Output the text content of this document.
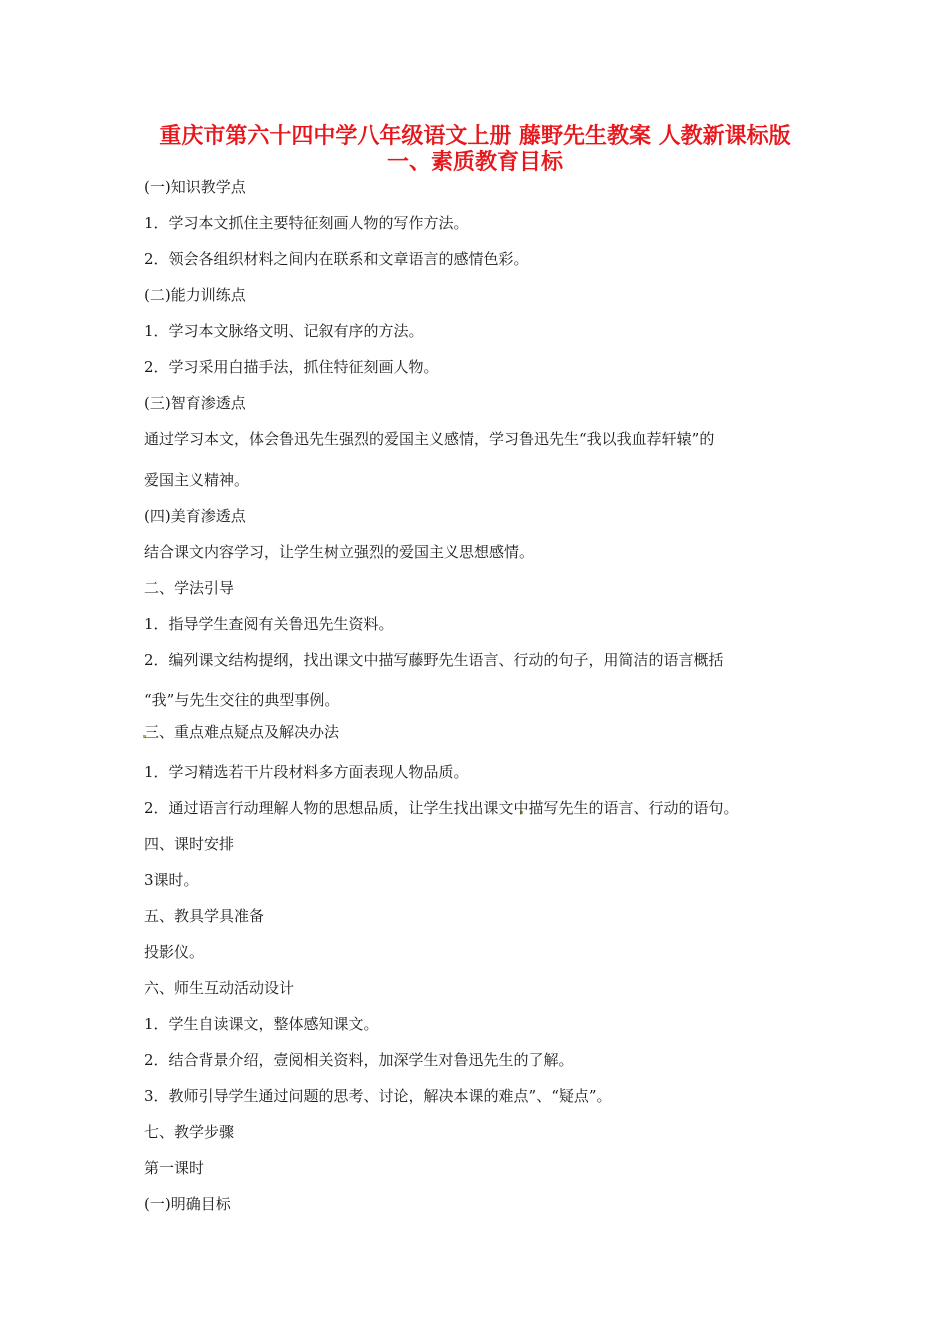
重庆市第六十四中学八年级语文上册 藤野先生教案 人教新课标版
一、素质教育目标
(一)知识教学点
1．学习本文抓住主要特征刻画人物的写作方法。
2．领会各组织材料之间内在联系和文章语言的感情色彩。
(二)能力训练点
1．学习本文脉络文明、记叙有序的方法。
2．学习采用白描手法，抓住特征刻画人物。
(三)智育渗透点
通过学习本文，体会鲁迅先生强烈的爱国主义感情，学习鲁迅先生“我以我血荐轩辕”的
爱国主义精神。
(四)美育渗透点
结合课文内容学习，让学生树立强烈的爱国主义思想感情。
二、学法引导
1．指导学生查阅有关鲁迅先生资料。
2．编列课文结构提纲，找出课文中描写藤野先生语言、行动的句子，用简洁的语言概括
“我”与先生交往的典型事例。
三、重点难点疑点及解决办法
1．学习精选若干片段材料多方面表现人物品质。
2．通过语言行动理解人物的思想品质，让学生找出课文中描写先生的语言、行动的语句。
四、课时安排
3课时。
五、教具学具准备
投影仪。
六、师生互动活动设计
1．学生自读课文，整体感知课文。
2．结合背景介绍，壹阅相关资料，加深学生对鲁迅先生的了解。
3．教师引导学生通过问题的思考、讨论，解决本课的难点”、“疑点”。
七、教学步骤
第一课时
(一)明确目标
